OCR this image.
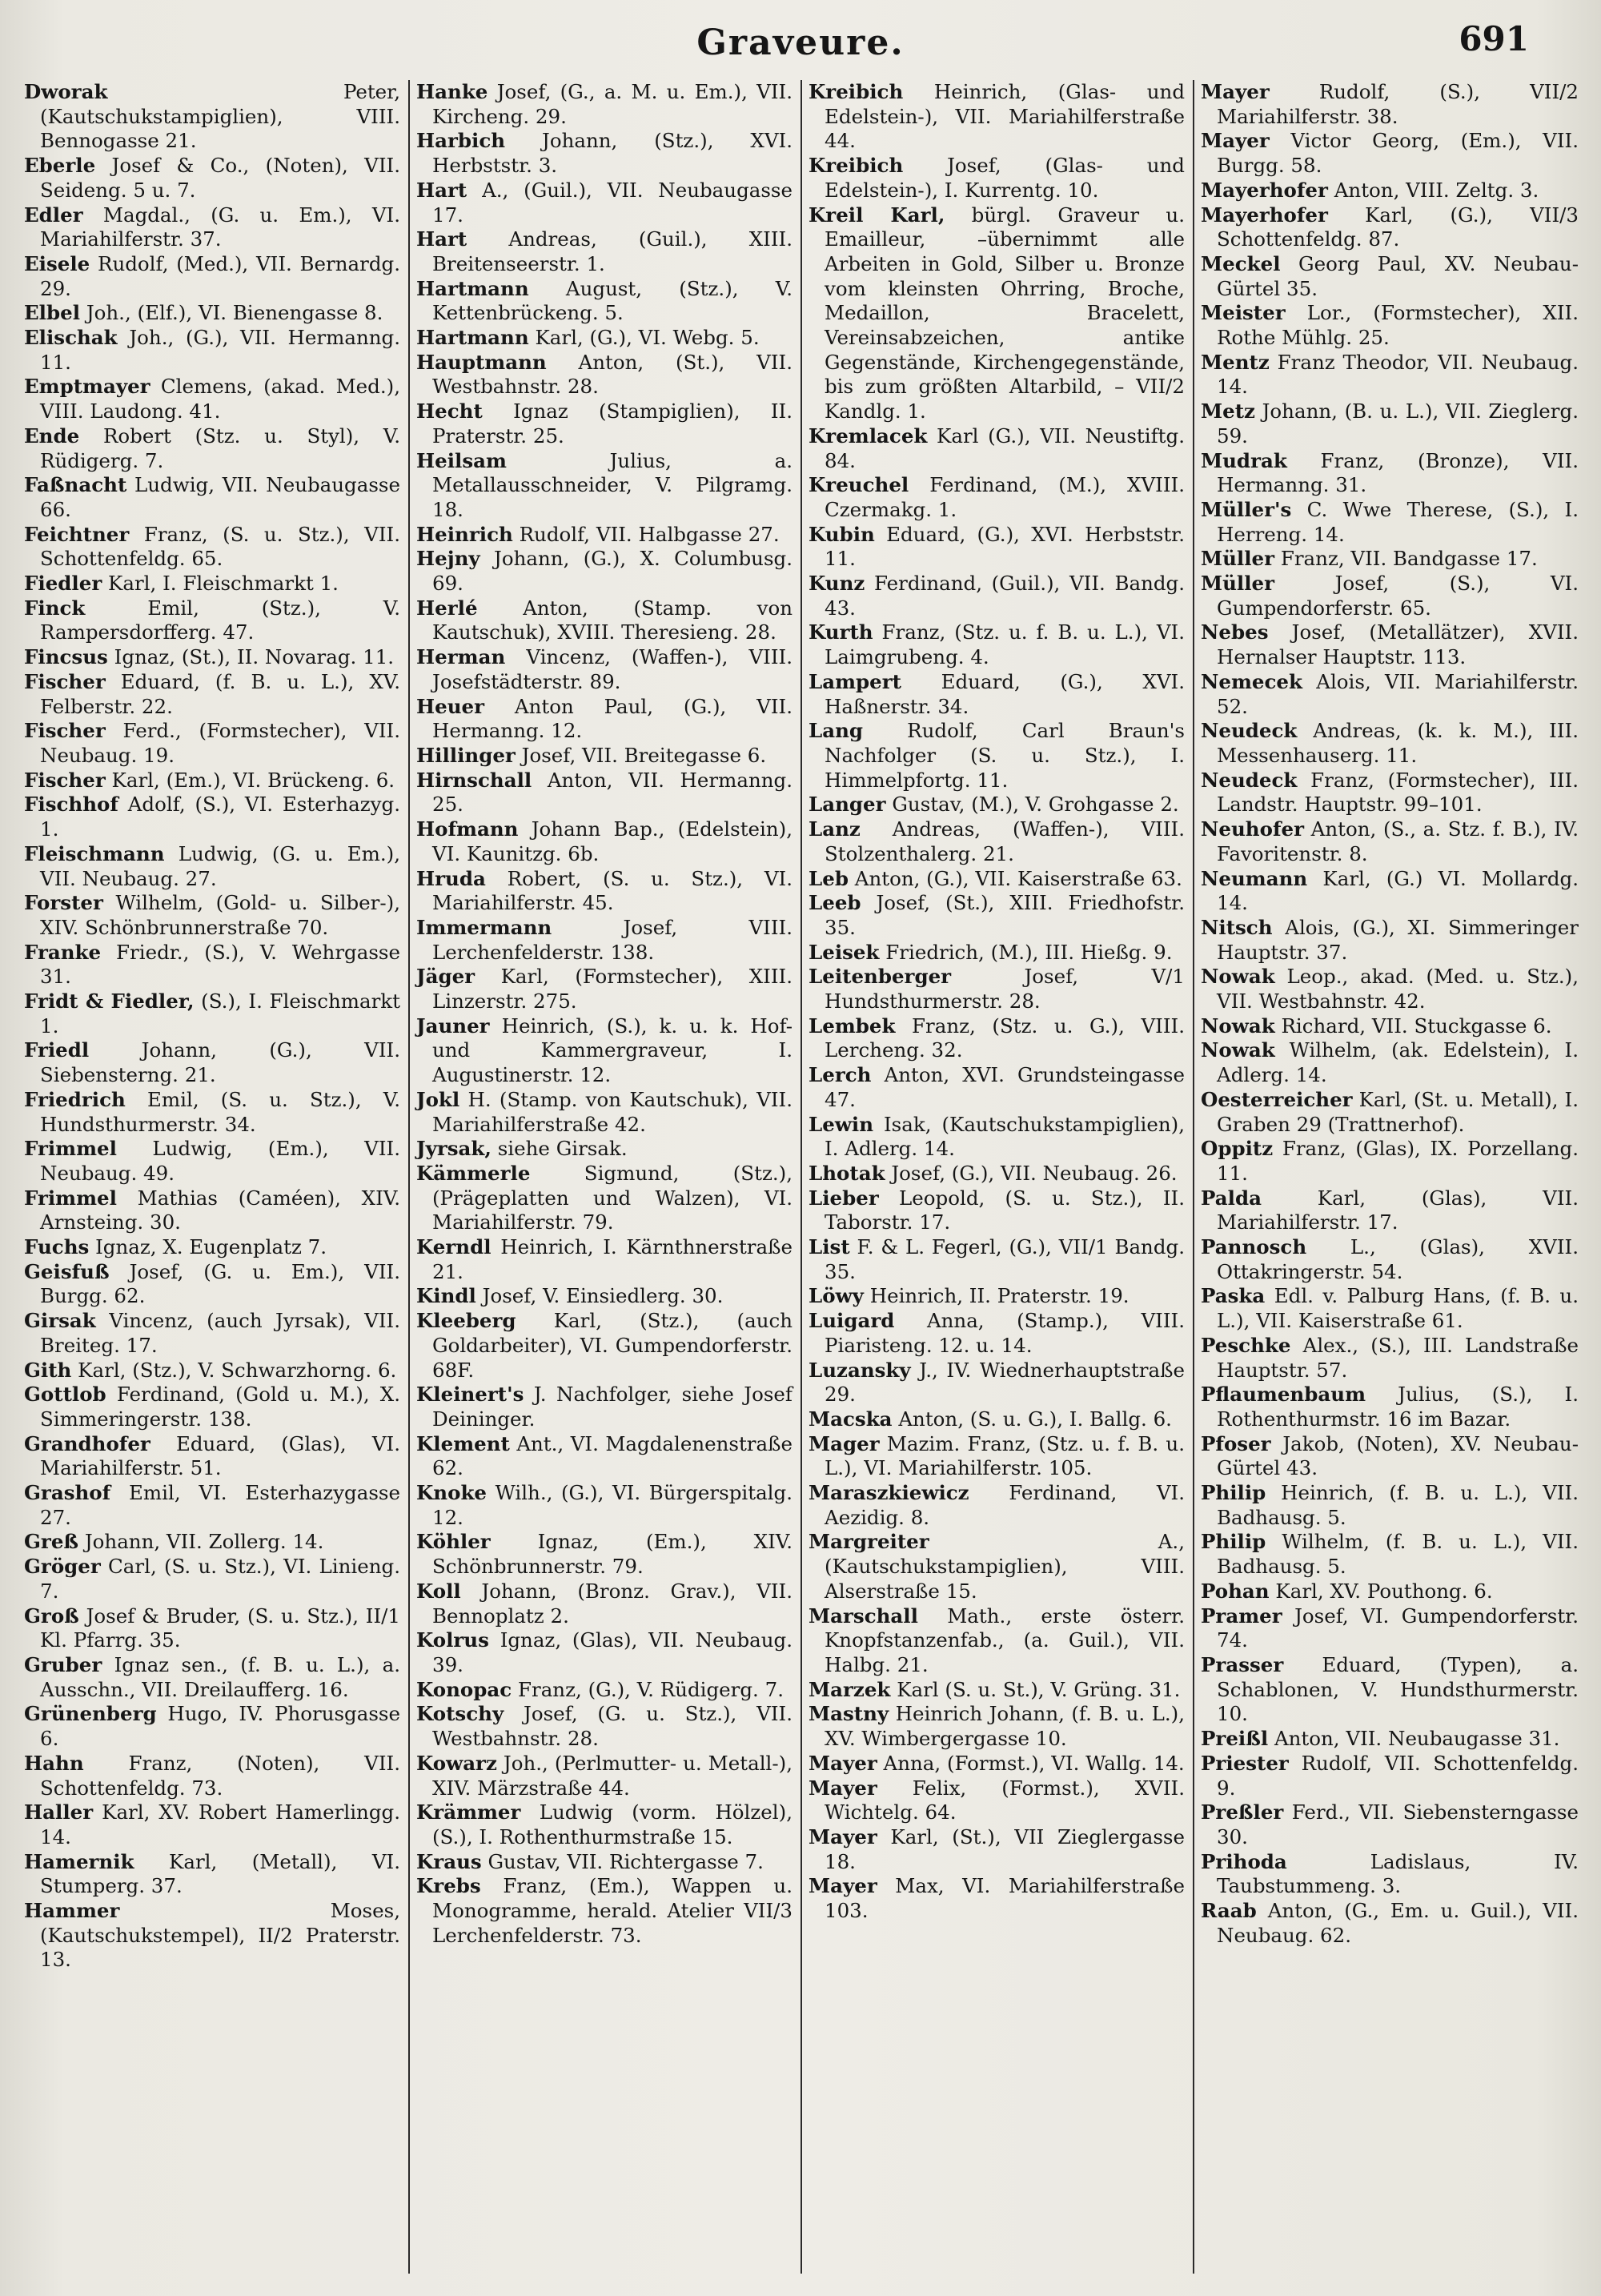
Graveure.	691

Dworak	Peter, (Kautschukstampiglien), VIII. Bennogasse 21.

Eberle Josef & Co., (Noten), VII. Seideng. 5 u. 7.

Edler Magdal., (G. u. Em.), VI. Mariahilferstr. 37.

Eisele Rudolf, (Med.), VII. Bernardg. 29.

Elbel Joh., (Elf.), VI. Bienengasse 8.

Elischak Joh., (G.), VII. Hermanng. 11.

Emptmayer Clemens, (akad. Med.), VIII. Laudong. 41.

Ende Robert (Stz. u. Styl), V. Rüdigerg. 7.

Faßnacht Ludwig, VII. Neubaugasse 66.

Feichtner Franz, (S. u. Stz.), VII. Schottenfeldg. 65.

Fiedler Karl, I. Fleischmarkt 1.

Finck	Emil, (Stz.), V. Rampersdorfferg. 47.

Fincsus Ignaz, (St.), II. Novarag. 11.

Fischer Eduard, (f. B. u. L.), XV. Felberstr. 22.

Fischer Ferd., (Formstecher), VII. Neubaug. 19.

Fischer Karl, (Em.), VI. Brückeng. 6.

Fischhof Adolf, (S.), VI. Esterhazyg. 1.

Fleischmann Ludwig, (G. u. Em.), VII. Neubaug. 27.

Forster Wilhelm, (Gold- u. Silber-), XIV. Schönbrunnerstraße 70.

Franke Friedr., (S.), V. Wehrgasse 31.

Fridt & Fiedler, (S.), I. Fleischmarkt 1.

Friedl	Johann, (G.), VII. Siebensterng. 21.

Friedrich Emil, (S. u. Stz.), V. Hundsthurmerstr. 34.

Frimmel Ludwig, (Em.), VII. Neubaug. 49.

Frimmel Mathias (Caméen), XIV. Arnsteing. 30.

Fuchs Ignaz, X. Eugenplatz 7.

Geisfuß Josef, (G. u. Em.), VII. Burgg. 62.

Girsak Vincenz, (auch Jyrsak), VII. Breiteg. 17.

Gith Karl, (Stz.), V. Schwarzhorng. 6.

Gottlob Ferdinand, (Gold u. M.), X. Simmeringerstr. 138.

Grandhofer Eduard, (Glas), VI. Mariahilferstr. 51.

Grashof Emil, VI. Esterhazygasse 27.

Greß Johann, VII. Zollerg. 14.

Gröger Carl, (S. u. Stz.), VI. Linieng. 7.

Groß Josef & Bruder, (S. u. Stz.), II/1 Kl. Pfarrg. 35.

Gruber Ignaz sen., (f. B. u. L.), a. Ausschn., VII. Dreilaufferg. 16.

Grünenberg Hugo, IV. Phorusgasse 6.

Hahn Franz, (Noten), VII. Schottenfeldg. 73.

Haller Karl, XV. Robert Hamerlingg. 14.

Hamernik Karl, (Metall), VI. Stumperg. 37.

Hammer	Moses, (Kautschukstempel), II/2 Praterstr. 13.

Hanke Josef, (G., a. M. u. Em.), VII. Kircheng. 29.

Harbich Johann, (Stz.), XVI. Herbststr. 3.

Hart A., (Guil.), VII. Neubaugasse 17.

Hart Andreas, (Guil.), XIII. Breitenseerstr. 1.

Hartmann August, (Stz.), V. Kettenbrückeng. 5.

Hartmann Karl, (G.), VI. Webg. 5.

Hauptmann Anton, (St.), VII. Westbahnstr. 28.

Hecht Ignaz (Stampiglien), II. Praterstr. 25.

Heilsam	Julius, a. Metallausschneider, V. Pilgramg. 18.

Heinrich Rudolf, VII. Halbgasse 27.

Hejny Johann, (G.), X. Columbusg. 69.

Herlé Anton, (Stamp. von Kautschuk), XVIII. Theresieng. 28.

Herman Vincenz, (Waffen-), VIII. Josefstädterstr. 89.

Heuer Anton Paul, (G.), VII. Hermanng. 12.

Hillinger Josef, VII. Breitegasse 6.

Hirnschall Anton, VII. Hermanng. 25.

Hofmann Johann Bap., (Edelstein), VI. Kaunitzg. 6b.

Hruda Robert, (S. u. Stz.), VI. Mariahilferstr. 45.

Immermann	Josef, VIII. Lerchenfelderstr. 138.

Jäger Karl, (Formstecher), XIII. Linzerstr. 275.

Jauner Heinrich, (S.), k. u. k. Hof- und Kammergraveur, I. Augustinerstr. 12.

Jokl H. (Stamp. von Kautschuk), VII. Mariahilferstraße 42.

Jyrsak, siehe Girsak.

Kämmerle	Sigmund, (Stz.), (Prägeplatten und Walzen), VI. Mariahilferstr. 79.

Kerndl Heinrich, I. Kärnthnerstraße 21.

Kindl Josef, V. Einsiedlerg. 30.

Kleeberg Karl, (Stz.), (auch Goldarbeiter), VI. Gumpendorferstr. 68F.

Kleinert's J. Nachfolger, siehe Josef Deininger.

Klement Ant., VI. Magdalenenstraße 62.

Knoke Wilh., (G.), VI. Bürgerspitalg. 12.

Köhler Ignaz, (Em.), XIV. Schönbrunnerstr. 79.

Koll Johann, (Bronz. Grav.), VII. Bennoplatz 2.

Kolrus Ignaz, (Glas), VII. Neubaug. 39.

Konopac Franz, (G.), V. Rüdigerg. 7.

Kotschy Josef, (G. u. Stz.), VII. Westbahnstr. 28.

Kowarz Joh., (Perlmutter- u. Metall-), XIV. Märzstraße 44.

Krämmer Ludwig (vorm. Hölzel), (S.), I. Rothenthurmstraße 15.

Kraus Gustav, VII. Richtergasse 7.

Krebs Franz, (Em.), Wappen u. Monogramme, herald. Atelier VII/3 Lerchenfelderstr. 73.

Kreibich Heinrich, (Glas- und Edelstein-), VII. Mariahilferstraße 44.

Kreibich Josef, (Glas- und Edelstein-), I. Kurrentg. 10.

Kreil Karl, bürgl. Graveur u. Emailleur, –übernimmt alle Arbeiten in Gold, Silber u. Bronze vom kleinsten Ohrring, Broche, Medaillon, Bracelett, Vereinsabzeichen, antike Gegenstände, Kirchengegenstände, bis zum größten Altarbild, – VII/2 Kandlg. 1.

Kremlacek Karl (G.), VII. Neustiftg. 84.

Kreuchel Ferdinand, (M.), XVIII. Czermakg. 1.

Kubin Eduard, (G.), XVI. Herbststr. 11.

Kunz Ferdinand, (Guil.), VII. Bandg. 43.

Kurth Franz, (Stz. u. f. B. u. L.), VI. Laimgrubeng. 4.

Lampert Eduard, (G.), XVI. Haßnerstr. 34.

Lang Rudolf, Carl Braun's Nachfolger (S. u. Stz.), I. Himmelpfortg. 11.

Langer Gustav, (M.), V. Grohgasse 2.

Lanz Andreas, (Waffen-), VIII. Stolzenthalerg. 21.

Leb Anton, (G.), VII. Kaiserstraße 63.

Leeb Josef, (St.), XIII. Friedhofstr. 35.

Leisek Friedrich, (M.), III. Hießg. 9.

Leitenberger	Josef, V/1 Hundsthurmerstr. 28.

Lembek Franz, (Stz. u. G.), VIII. Lercheng. 32.

Lerch Anton, XVI. Grundsteingasse 47.

Lewin Isak, (Kautschukstampiglien), I. Adlerg. 14.

Lhotak Josef, (G.), VII. Neubaug. 26.

Lieber Leopold, (S. u. Stz.), II. Taborstr. 17.

List F. & L. Fegerl, (G.), VII/1 Bandg. 35.

Löwy Heinrich, II. Praterstr. 19.

Luigard Anna, (Stamp.), VIII. Piaristeng. 12. u. 14.

Luzansky J., IV. Wiednerhauptstraße 29.

Macska Anton, (S. u. G.), I. Ballg. 6.

Mager Mazim. Franz, (Stz. u. f. B. u. L.), VI. Mariahilferstr. 105.

Maraszkiewicz Ferdinand, VI. Aezidig. 8.

Margreiter	A., (Kautschukstampiglien), VIII. Alserstraße 15.

Marschall Math., erste österr. Knopfstanzenfab., (a. Guil.), VII. Halbg. 21.

Marzek Karl (S. u. St.), V. Grüng. 31.

Mastny Heinrich Johann, (f. B. u. L.), XV. Wimbergergasse 10.

Mayer Anna, (Formst.), VI. Wallg. 14.

Mayer Felix, (Formst.), XVII. Wichtelg. 64.

Mayer Karl, (St.), VII Zieglergasse 18.

Mayer Max, VI. Mariahilferstraße 103.

Mayer	Rudolf, (S.), VII/2 Mariahilferstr. 38.

Mayer Victor Georg, (Em.), VII. Burgg. 58.

Mayerhofer Anton, VIII. Zeltg. 3.

Mayerhofer Karl, (G.), VII/3 Schottenfeldg. 87.

Meckel Georg Paul, XV. Neubau-Gürtel 35.

Meister Lor., (Formstecher), XII. Rothe Mühlg. 25.

Mentz Franz Theodor, VII. Neubaug. 14.

Metz Johann, (B. u. L.), VII. Zieglerg. 59.

Mudrak Franz, (Bronze), VII. Hermanng. 31.

Müller's C. Wwe Therese, (S.), I. Herreng. 14.

Müller Franz, VII. Bandgasse 17.

Müller	Josef, (S.), VI. Gumpendorferstr. 65.

Nebes Josef, (Metallätzer), XVII. Hernalser Hauptstr. 113.

Nemecek Alois, VII. Mariahilferstr. 52.

Neudeck Andreas, (k. k. M.), III. Messenhauserg. 11.

Neudeck Franz, (Formstecher), III. Landstr. Hauptstr. 99–101.

Neuhofer Anton, (S., a. Stz. f. B.), IV. Favoritenstr. 8.

Neumann Karl, (G.) VI. Mollardg. 14.

Nitsch Alois, (G.), XI. Simmeringer Hauptstr. 37.

Nowak Leop., akad. (Med. u. Stz.), VII. Westbahnstr. 42.

Nowak Richard, VII. Stuckgasse 6.

Nowak Wilhelm, (ak. Edelstein), I. Adlerg. 14.

Oesterreicher Karl, (St. u. Metall), I. Graben 29 (Trattnerhof).

Oppitz Franz, (Glas), IX. Porzellang. 11.

Palda	Karl, (Glas), VII. Mariahilferstr. 17.

Pannosch L., (Glas), XVII. Ottakringerstr. 54.

Paska Edl. v. Palburg Hans, (f. B. u. L.), VII. Kaiserstraße 61.

Peschke Alex., (S.), III. Landstraße Hauptstr. 57.

Pflaumenbaum Julius, (S.), I. Rothenthurmstr. 16 im Bazar.

Pfoser Jakob, (Noten), XV. Neubau-Gürtel 43.

Philip Heinrich, (f. B. u. L.), VII. Badhausg. 5.

Philip Wilhelm, (f. B. u. L.), VII. Badhausg. 5.

Pohan Karl, XV. Pouthong. 6.

Pramer Josef, VI. Gumpendorferstr. 74.

Prasser Eduard, (Typen), a. Schablonen, V. Hundsthurmerstr. 10.

Preißl Anton, VII. Neubaugasse 31.

Priester Rudolf, VII. Schottenfeldg. 9.

Preßler Ferd., VII. Siebensterngasse 30.

Prihoda	Ladislaus, IV. Taubstummeng. 3.

Raab Anton, (G., Em. u. Guil.), VII. Neubaug. 62.
